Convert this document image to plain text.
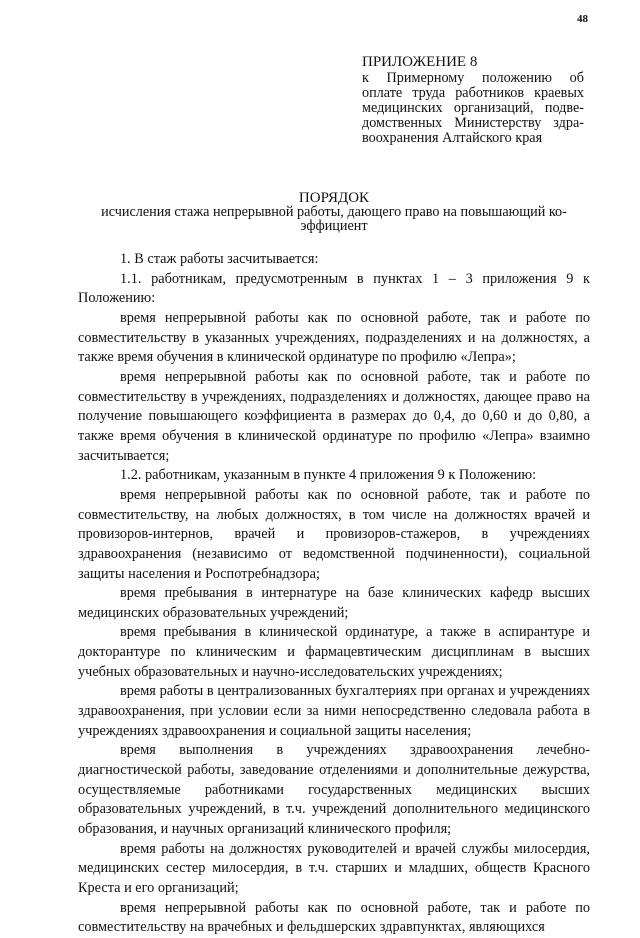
48
ПРИЛОЖЕНИЕ 8
к Примерному положению об
оплате труда работников краевых
медицинских организаций, подве-
домственных Министерству здра-
воохранения Алтайского края
ПОРЯДОК
исчисления стажа непрерывной работы, дающего право на повышающий ко-эффициент

1. В стаж работы засчитывается:

1.1. работникам, предусмотренным в пунктах 1 – 3 приложения 9 к Положению:

время непрерывной работы как по основной работе, так и работе по совместительству в указанных учреждениях, подразделениях и на должностях, а также время обучения в клинической ординатуре по профилю «Лепра»;

время непрерывной работы как по основной работе, так и работе по совместительству в учреждениях, подразделениях и должностях, дающее право на получение повышающего коэффициента в размерах до 0,4, до 0,60 и до 0,80, а также время обучения в клинической ординатуре по профилю «Лепра» взаимно засчитывается;

1.2. работникам, указанным в пункте 4 приложения 9 к Положению:

время непрерывной работы как по основной работе, так и работе по совместительству, на любых должностях, в том числе на должностях врачей и провизоров-интернов, врачей и провизоров-стажеров, в учреждениях здравоохранения (независимо от ведомственной подчиненности), социальной защиты населения и Роспотребнадзора;

время пребывания в интернатуре на базе клинических кафедр высших медицинских образовательных учреждений;

время пребывания в клинической ординатуре, а также в аспирантуре и докторантуре по клиническим и фармацевтическим дисциплинам в высших учебных образовательных и научно-исследовательских учреждениях;

время работы в централизованных бухгалтериях при органах и учреждениях здравоохранения, при условии если за ними непосредственно следовала работа в учреждениях здравоохранения и социальной защиты населения;

время выполнения в учреждениях здравоохранения лечебно-диагностической работы, заведование отделениями и дополнительные дежурства, осуществляемые работниками государственных медицинских высших образовательных учреждений, в т.ч. учреждений дополнительного медицинского образования, и научных организаций клинического профиля;

время работы на должностях руководителей и врачей службы милосердия, медицинских сестер милосердия, в т.ч. старших и младших, обществ Красного Креста и его организаций;

время непрерывной работы как по основной работе, так и работе по совместительству на врачебных и фельдшерских здравпунктах, являющихся
